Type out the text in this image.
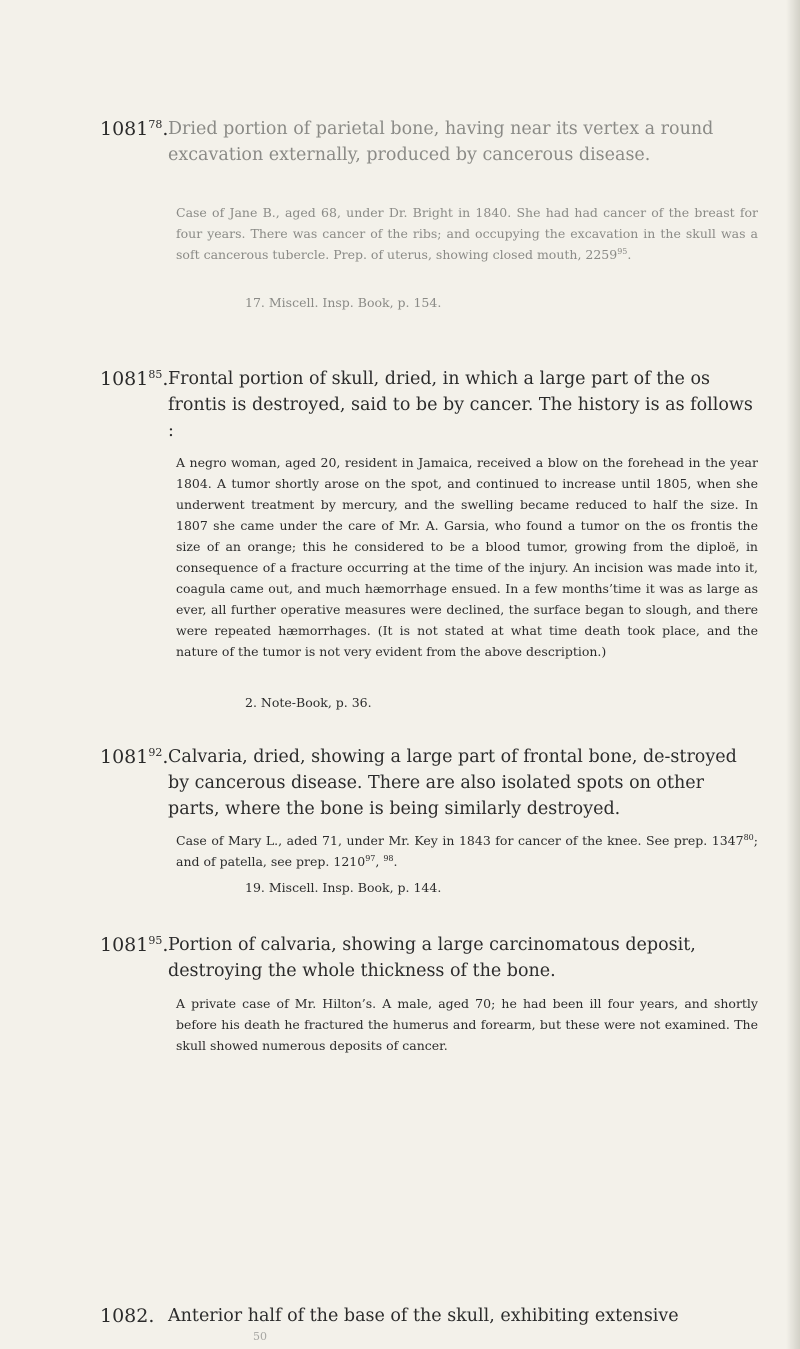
1081$^{78}$. Dried portion of parietal bone, having near its vertex a round excavation externally, produced by cancerous disease.
Case of Jane B., aged 68, under Dr. Bright in 1840. She had had cancer of the breast for four years. There was cancer of the ribs; and occupying the excavation in the skull was a soft cancerous tubercle. Prep. of uterus, showing closed mouth, 2259$^{95}$.
17. Miscell. Insp. Book, p. 154.
1081$^{85}$. Frontal portion of skull, dried, in which a large part of the os frontis is destroyed, said to be by cancer. The history is as follows :
A negro woman, aged 20, resident in Jamaica, received a blow on the forehead in the year 1804. A tumor shortly arose on the spot, and continued to increase until 1805, when she underwent treatment by mercury, and the swelling became reduced to half the size. In 1807 she came under the care of Mr. A. Garsia, who found a tumor on the os frontis the size of an orange; this he considered to be a blood tumor, growing from the diploë, in consequence of a fracture occurring at the time of the injury. An incision was made into it, coagula came out, and much hæmorrhage ensued. In a few months’time it was as large as ever, all further operative measures were declined, the surface began to slough, and there were repeated hæmorrhages. (It is not stated at what time death took place, and the nature of the tumor is not very evident from the above description.)
2. Note-Book, p. 36.
1081$^{92}$. Calvaria, dried, showing a large part of frontal bone, de-stroyed by cancerous disease. There are also isolated spots on other parts, where the bone is being similarly destroyed.
Case of Mary L., aded 71, under Mr. Key in 1843 for cancer of the knee. See prep. 1347$^{80}$; and of patella, see prep. 1210$^{97}$, $^{98}$.
19. Miscell. Insp. Book, p. 144.
1081$^{95}$. Portion of calvaria, showing a large carcinomatous deposit, destroying the whole thickness of the bone.
A private case of Mr. Hilton’s. A male, aged 70; he had been ill four years, and shortly before his death he fractured the humerus and forearm, but these were not examined. The skull showed numerous deposits of cancer.
1082. Anterior half of the base of the skull, exhibiting extensive
50
